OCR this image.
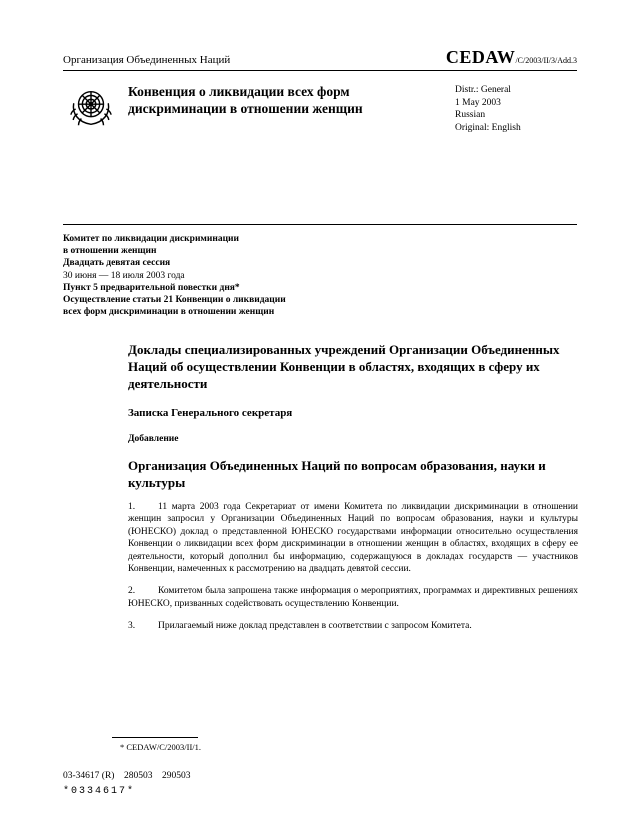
Организация Объединенных Наций	CEDAW/C/2003/II/3/Add.3
Конвенция о ликвидации всех форм дискриминации в отношении женщин
Distr.: General
1 May 2003
Russian
Original: English
Комитет по ликвидации дискриминации
в отношении женщин
Двадцать девятая сессия
30 июня — 18 июля 2003 года
Пункт 5 предварительной повестки дня*
Осуществление статьи 21 Конвенции о ликвидации
всех форм дискриминации в отношении женщин
Доклады специализированных учреждений Организации Объединенных Наций об осуществлении Конвенции в областях, входящих в сферу их деятельности
Записка Генерального секретаря
Добавление
Организация Объединенных Наций по вопросам образования, науки и культуры

1. 11 марта 2003 года Секретариат от имени Комитета по ликвидации дискриминации в отношении женщин запросил у Организации Объединенных Наций по вопросам образования, науки и культуры (ЮНЕСКО) доклад о представленной ЮНЕСКО государствами информации относительно осуществления Конвенции о ликвидации всех форм дискриминации в отношении женщин в областях, входящих в сферу ее деятельности, который дополнил бы информацию, содержащуюся в докладах государств — участников Конвенции, намеченных к рассмотрению на двадцать девятой сессии.

2. Комитетом была запрошена также информация о мероприятиях, программах и директивных решениях ЮНЕСКО, призванных содействовать осуществлению Конвенции.

3. Прилагаемый ниже доклад представлен в соответствии с запросом Комитета.

* CEDAW/C/2003/II/1.
03-34617 (R)    280503    290503
*0334617*
